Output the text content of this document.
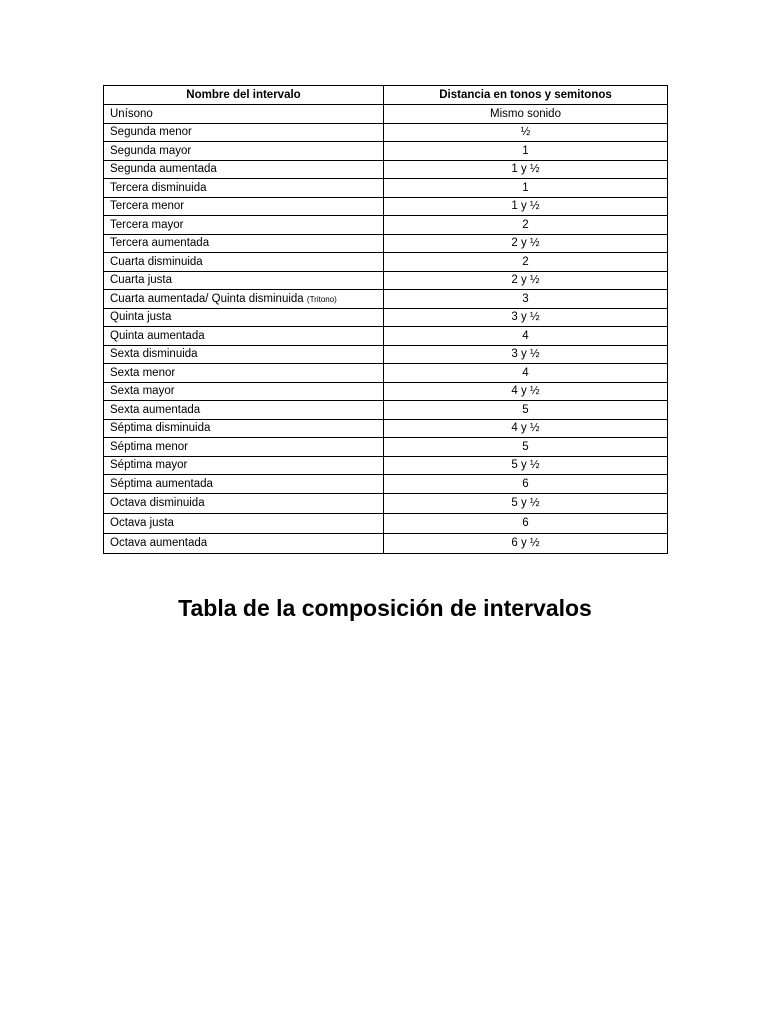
Nombre del intervalo	Distancia en tonos y semitonos
Unísono	Mismo sonido
Segunda menor	½
Segunda mayor	1
Segunda aumentada	1 y ½
Tercera disminuida	1
Tercera menor	1 y ½
Tercera mayor	2
Tercera aumentada	2 y ½
Cuarta disminuida	2
Cuarta justa	2 y ½
Cuarta aumentada/ Quinta disminuida (Tritono)	3
Quinta justa	3 y ½
Quinta aumentada	4
Sexta disminuida	3 y ½
Sexta menor	4
Sexta mayor	4 y ½
Sexta aumentada	5
Séptima disminuida	4 y ½
Séptima menor	5
Séptima mayor	5 y ½
Séptima aumentada	6
Octava disminuida	5 y ½
Octava justa	6
Octava aumentada	6 y ½
Tabla de la composición de intervalos
